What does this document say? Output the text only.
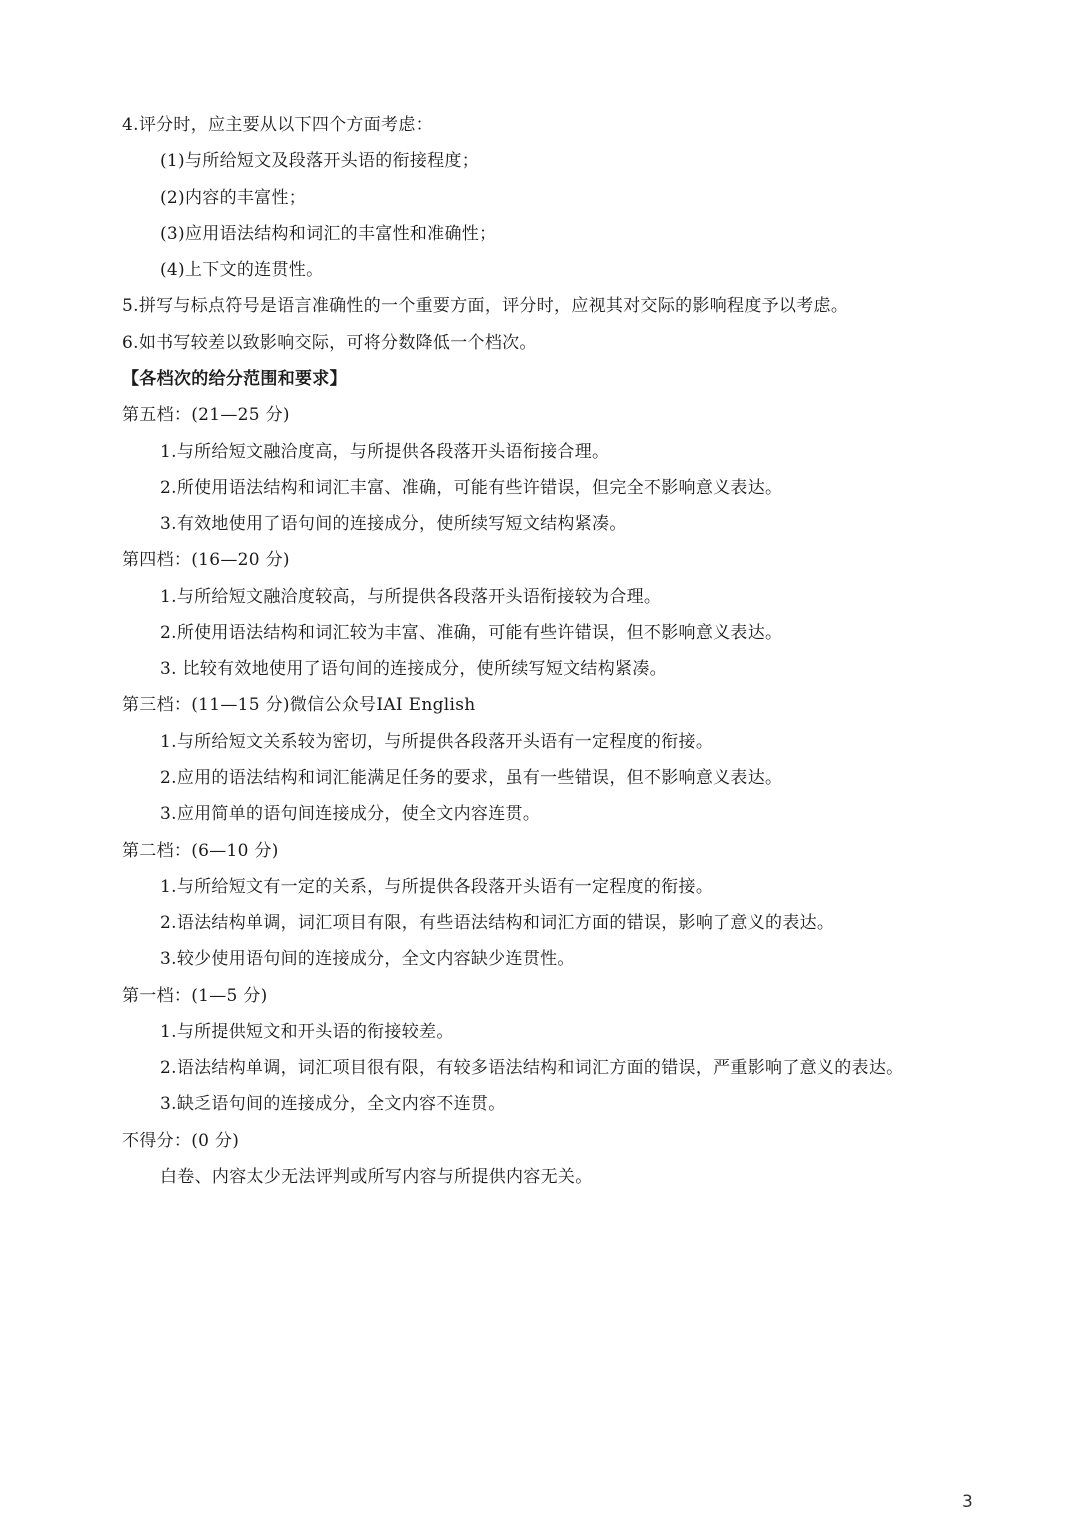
4.评分时，应主要从以下四个方面考虑：
(1)与所给短文及段落开头语的衔接程度；
(2)内容的丰富性；
(3)应用语法结构和词汇的丰富性和准确性；
(4)上下文的连贯性。
5.拼写与标点符号是语言准确性的一个重要方面，评分时，应视其对交际的影响程度予以考虑。
6.如书写较差以致影响交际，可将分数降低一个档次。
【各档次的给分范围和要求】
第五档：(21—25 分)
1.与所给短文融洽度高，与所提供各段落开头语衔接合理。
2.所使用语法结构和词汇丰富、准确，可能有些许错误，但完全不影响意义表达。
3.有效地使用了语句间的连接成分，使所续写短文结构紧凑。
第四档：(16—20 分)
1.与所给短文融洽度较高，与所提供各段落开头语衔接较为合理。
2.所使用语法结构和词汇较为丰富、准确，可能有些许错误，但不影响意义表达。
3. 比较有效地使用了语句间的连接成分，使所续写短文结构紧凑。
第三档：(11—15 分)微信公众号IAI English
1.与所给短文关系较为密切，与所提供各段落开头语有一定程度的衔接。
2.应用的语法结构和词汇能满足任务的要求，虽有一些错误，但不影响意义表达。
3.应用简单的语句间连接成分，使全文内容连贯。
第二档：(6—10 分)
1.与所给短文有一定的关系，与所提供各段落开头语有一定程度的衔接。
2.语法结构单调，词汇项目有限，有些语法结构和词汇方面的错误，影响了意义的表达。
3.较少使用语句间的连接成分，全文内容缺少连贯性。
第一档：(1—5 分)
1.与所提供短文和开头语的衔接较差。
2.语法结构单调，词汇项目很有限，有较多语法结构和词汇方面的错误，严重影响了意义的表达。
3.缺乏语句间的连接成分，全文内容不连贯。
不得分：(0 分)
白卷、内容太少无法评判或所写内容与所提供内容无关。
3
